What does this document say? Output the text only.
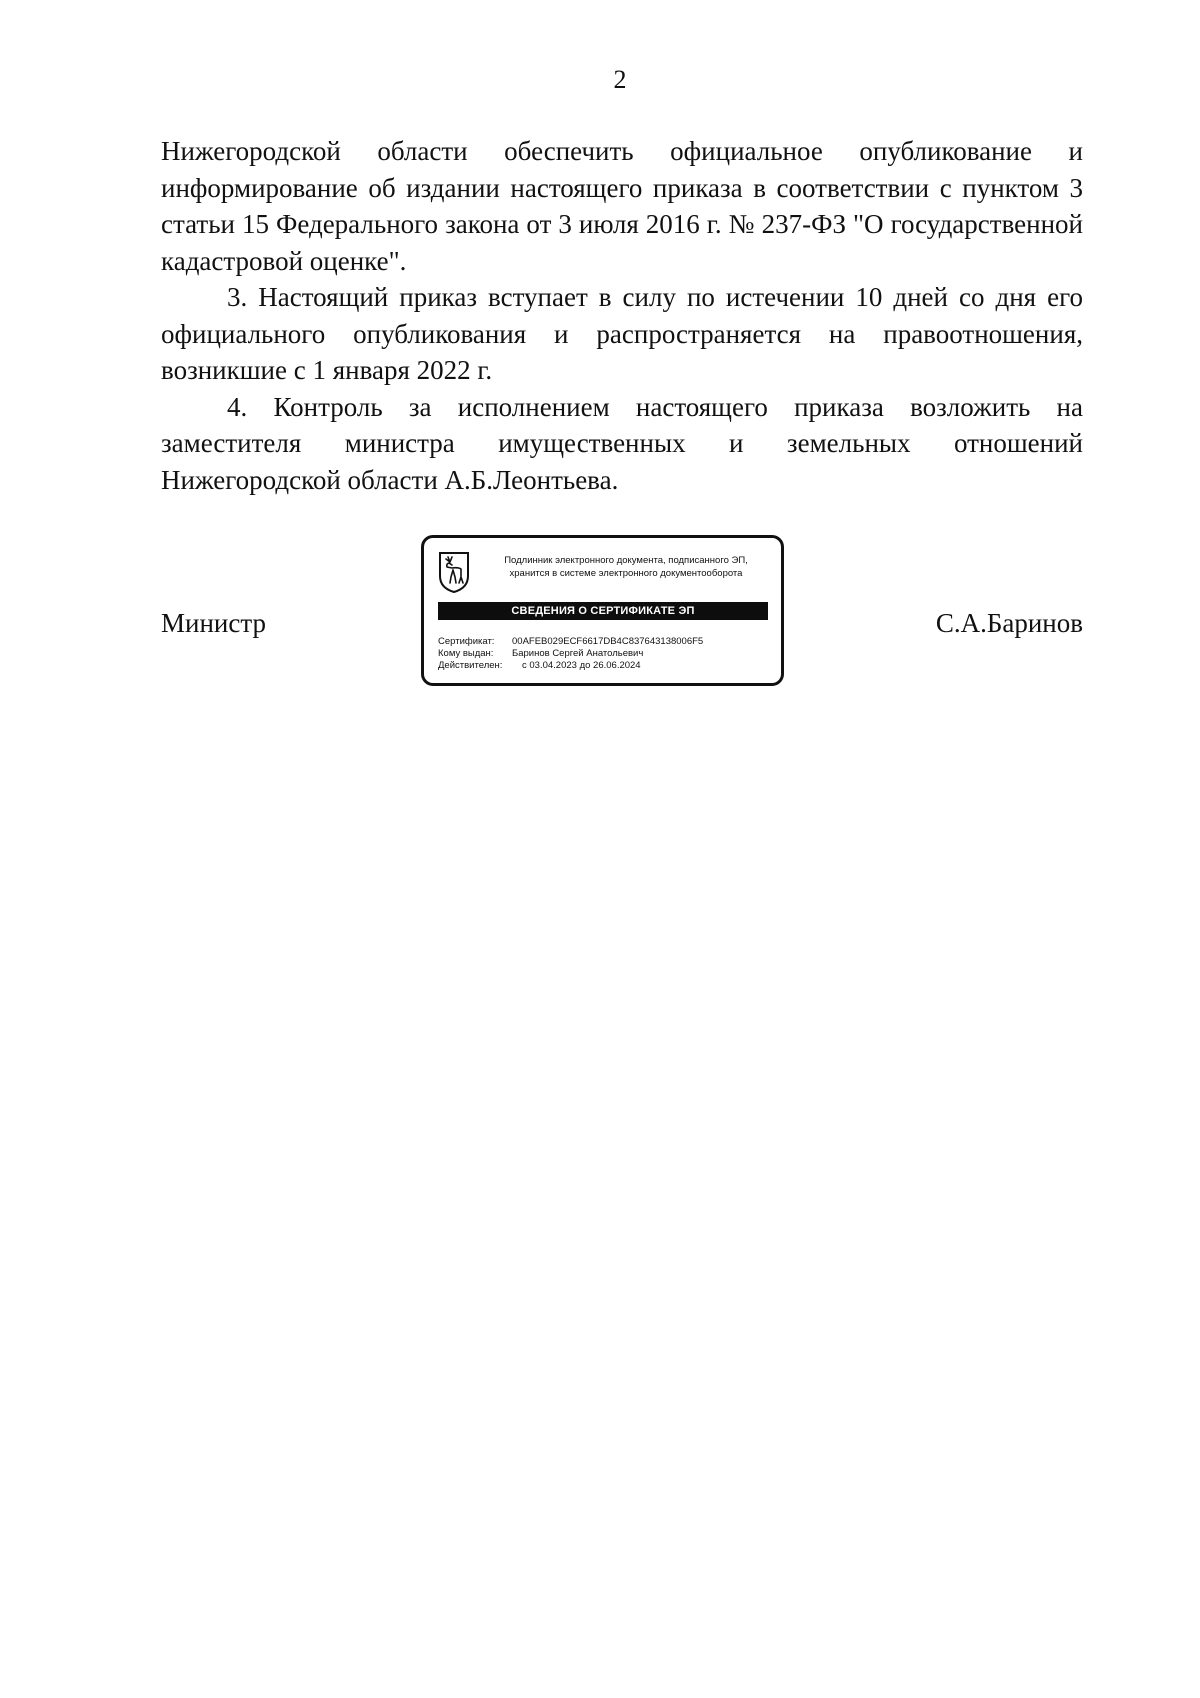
2

Нижегородской области обеспечить официальное опубликование и информирование об издании настоящего приказа в соответствии с пунктом 3 статьи 15 Федерального закона от 3 июля 2016 г. № 237-ФЗ "О государственной кадастровой оценке".

3. Настоящий приказ вступает в силу по истечении 10 дней со дня его официального опубликования и распространяется на правоотношения, возникшие с 1 января 2022 г.

4. Контроль за исполнением настоящего приказа возложить на заместителя министра имущественных и земельных отношений Нижегородской области А.Б.Леонтьева.

Министр	С.А.Баринов
Подлинник электронного документа, подписанного ЭП,
хранится в системе электронного документооборота
СВЕДЕНИЯ О СЕРТИФИКАТЕ ЭП
Сертификат: 00AFEB029ECF6617DB4C837643138006F5
Кому выдан: Баринов Сергей Анатольевич
Действителен: с 03.04.2023 до 26.06.2024
